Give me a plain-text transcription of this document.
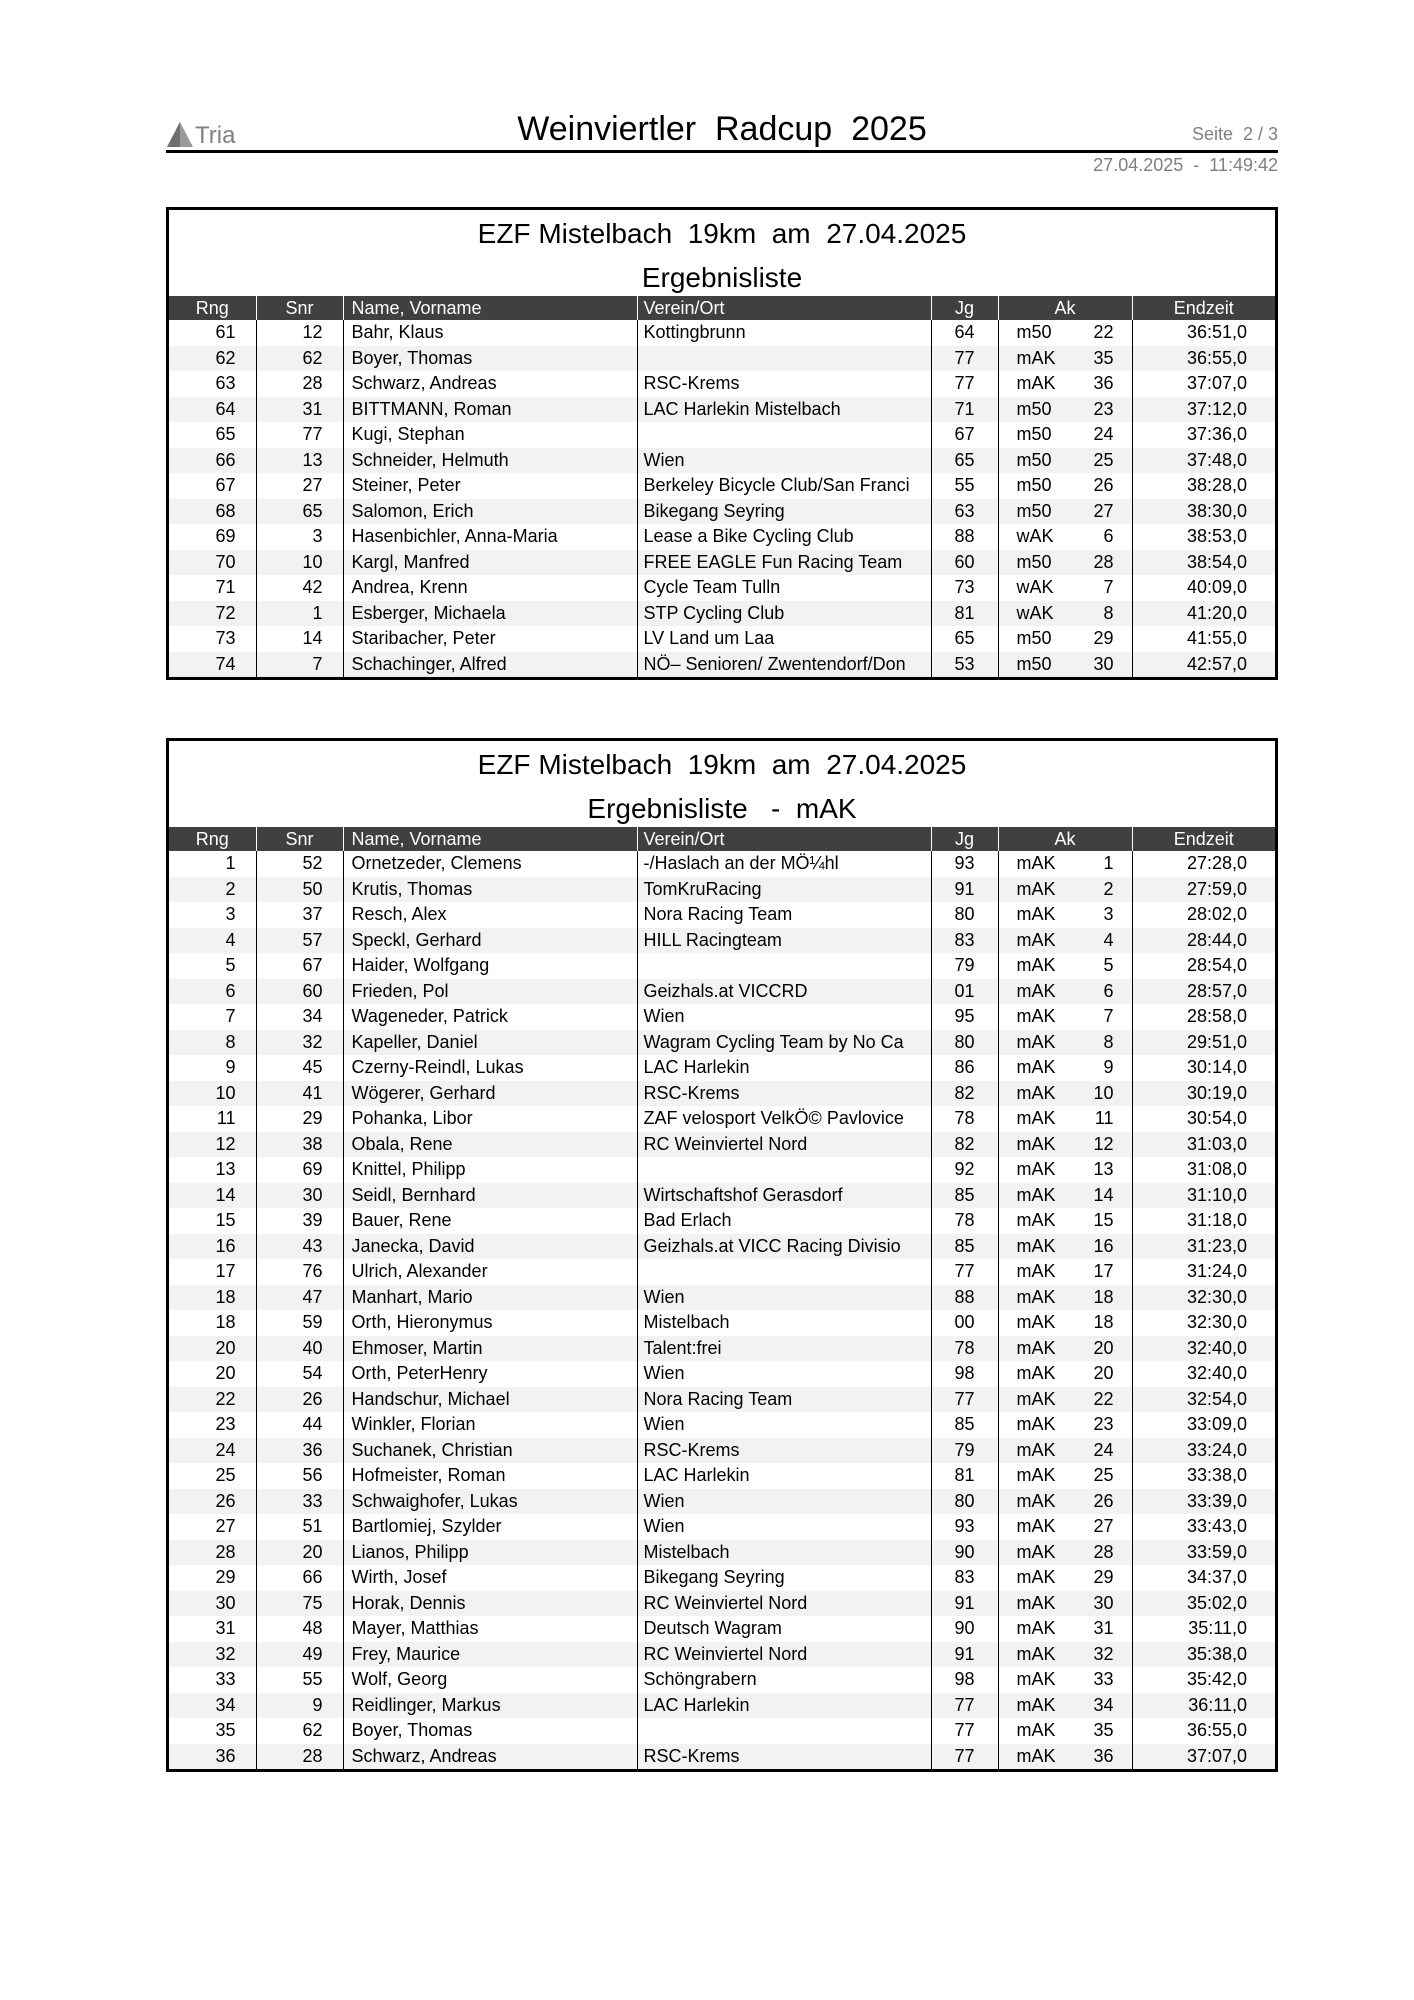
Tria	Weinviertler  Radcup  2025	Seite  2 / 3
27.04.2025  -  11:49:42
EZF Mistelbach  19km  am  27.04.2025
Ergebnisliste
Rng	Snr	Name, Vorname	Verein/Ort	Jg	Ak	Endzeit
61	12	Bahr, Klaus	Kottingbrunn	64	m50 22	36:51,0
62	62	Boyer, Thomas		77	mAK 35	36:55,0
63	28	Schwarz, Andreas	RSC-Krems	77	mAK 36	37:07,0
64	31	BITTMANN, Roman	LAC Harlekin Mistelbach	71	m50 23	37:12,0
65	77	Kugi, Stephan		67	m50 24	37:36,0
66	13	Schneider, Helmuth	Wien	65	m50 25	37:48,0
67	27	Steiner, Peter	Berkeley Bicycle Club/San Franci	55	m50 26	38:28,0
68	65	Salomon, Erich	Bikegang Seyring	63	m50 27	38:30,0
69	3	Hasenbichler, Anna-Maria	Lease a Bike Cycling Club	88	wAK 6	38:53,0
70	10	Kargl, Manfred	FREE EAGLE Fun Racing Team	60	m50 28	38:54,0
71	42	Andrea, Krenn	Cycle Team Tulln	73	wAK 7	40:09,0
72	1	Esberger, Michaela	STP Cycling Club	81	wAK 8	41:20,0
73	14	Staribacher, Peter	LV Land um Laa	65	m50 29	41:55,0
74	7	Schachinger, Alfred	NÖ– Senioren/ Zwentendorf/Don	53	m50 30	42:57,0
EZF Mistelbach  19km  am  27.04.2025
Ergebnisliste   -  mAK
Rng	Snr	Name, Vorname	Verein/Ort	Jg	Ak	Endzeit
1	52	Ornetzeder, Clemens	-/Haslach an der MÖ¼hl	93	mAK 1	27:28,0
2	50	Krutis, Thomas	TomKruRacing	91	mAK 2	27:59,0
3	37	Resch, Alex	Nora Racing Team	80	mAK 3	28:02,0
4	57	Speckl, Gerhard	HILL Racingteam	83	mAK 4	28:44,0
5	67	Haider, Wolfgang		79	mAK 5	28:54,0
6	60	Frieden, Pol	Geizhals.at VICCRD	01	mAK 6	28:57,0
7	34	Wageneder, Patrick	Wien	95	mAK 7	28:58,0
8	32	Kapeller, Daniel	Wagram Cycling Team by No Ca	80	mAK 8	29:51,0
9	45	Czerny-Reindl, Lukas	LAC Harlekin	86	mAK 9	30:14,0
10	41	Wögerer, Gerhard	RSC-Krems	82	mAK 10	30:19,0
11	29	Pohanka, Libor	ZAF velosport VelkÖ© Pavlovice	78	mAK 11	30:54,0
12	38	Obala, Rene	RC Weinviertel Nord	82	mAK 12	31:03,0
13	69	Knittel, Philipp		92	mAK 13	31:08,0
14	30	Seidl, Bernhard	Wirtschaftshof Gerasdorf	85	mAK 14	31:10,0
15	39	Bauer, Rene	Bad Erlach	78	mAK 15	31:18,0
16	43	Janecka, David	Geizhals.at VICC Racing Divisio	85	mAK 16	31:23,0
17	76	Ulrich, Alexander		77	mAK 17	31:24,0
18	47	Manhart, Mario	Wien	88	mAK 18	32:30,0
18	59	Orth, Hieronymus	Mistelbach	00	mAK 18	32:30,0
20	40	Ehmoser, Martin	Talent:frei	78	mAK 20	32:40,0
20	54	Orth, PeterHenry	Wien	98	mAK 20	32:40,0
22	26	Handschur, Michael	Nora Racing Team	77	mAK 22	32:54,0
23	44	Winkler, Florian	Wien	85	mAK 23	33:09,0
24	36	Suchanek, Christian	RSC-Krems	79	mAK 24	33:24,0
25	56	Hofmeister, Roman	LAC Harlekin	81	mAK 25	33:38,0
26	33	Schwaighofer, Lukas	Wien	80	mAK 26	33:39,0
27	51	Bartlomiej, Szylder	Wien	93	mAK 27	33:43,0
28	20	Lianos, Philipp	Mistelbach	90	mAK 28	33:59,0
29	66	Wirth, Josef	Bikegang Seyring	83	mAK 29	34:37,0
30	75	Horak, Dennis	RC Weinviertel Nord	91	mAK 30	35:02,0
31	48	Mayer, Matthias	Deutsch Wagram	90	mAK 31	35:11,0
32	49	Frey, Maurice	RC Weinviertel Nord	91	mAK 32	35:38,0
33	55	Wolf, Georg	Schöngrabern	98	mAK 33	35:42,0
34	9	Reidlinger, Markus	LAC Harlekin	77	mAK 34	36:11,0
35	62	Boyer, Thomas		77	mAK 35	36:55,0
36	28	Schwarz, Andreas	RSC-Krems	77	mAK 36	37:07,0
